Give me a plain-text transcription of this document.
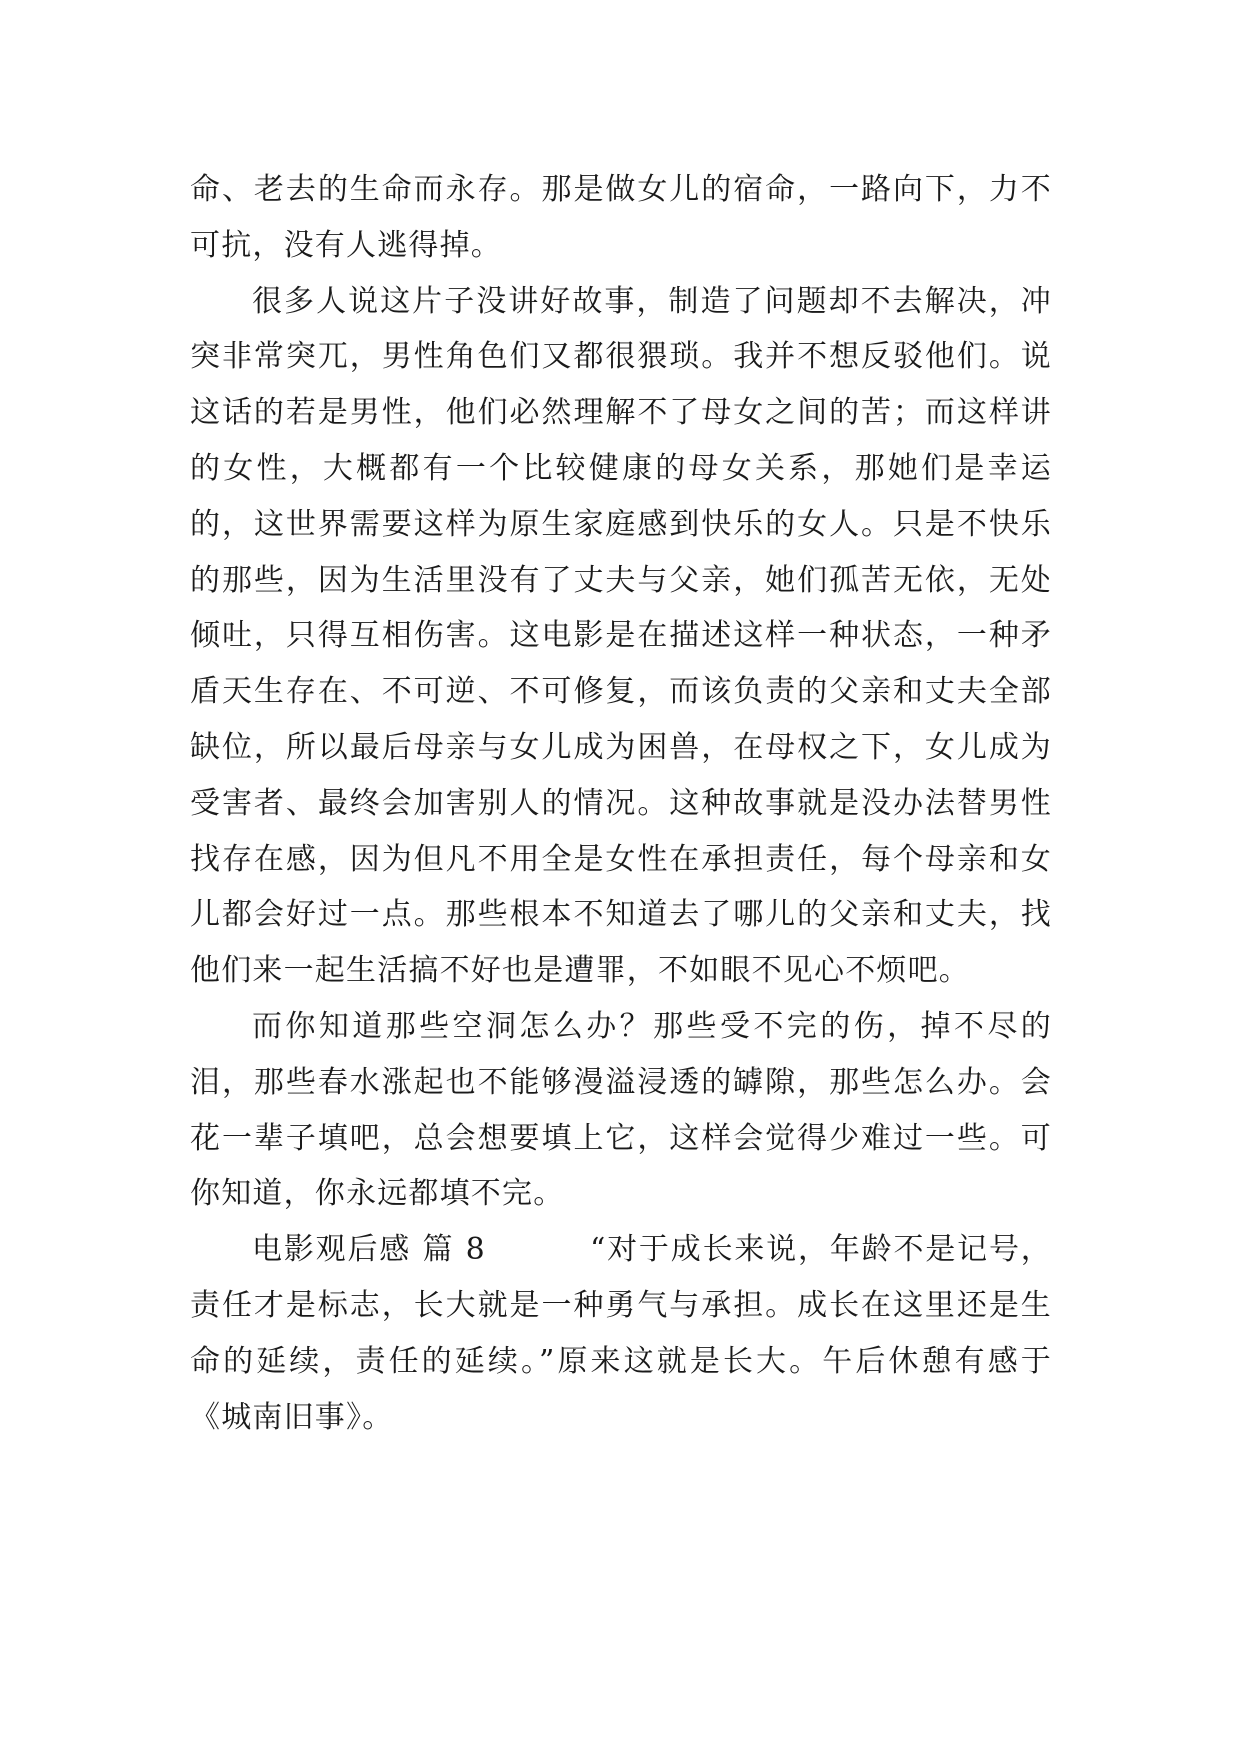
命、老去的生命而永存。那是做女儿的宿命，一路向下，力不可抗，没有人逃得掉。

很多人说这片子没讲好故事，制造了问题却不去解决，冲突非常突兀，男性角色们又都很猥琐。我并不想反驳他们。说这话的若是男性，他们必然理解不了母女之间的苦；而这样讲的女性，大概都有一个比较健康的母女关系，那她们是幸运的，这世界需要这样为原生家庭感到快乐的女人。只是不快乐的那些，因为生活里没有了丈夫与父亲，她们孤苦无依，无处倾吐，只得互相伤害。这电影是在描述这样一种状态，一种矛盾天生存在、不可逆、不可修复，而该负责的父亲和丈夫全部缺位，所以最后母亲与女儿成为困兽，在母权之下，女儿成为受害者、最终会加害别人的情况。这种故事就是没办法替男性找存在感，因为但凡不用全是女性在承担责任，每个母亲和女儿都会好过一点。那些根本不知道去了哪儿的父亲和丈夫，找他们来一起生活搞不好也是遭罪，不如眼不见心不烦吧。

而你知道那些空洞怎么办？那些受不完的伤，掉不尽的泪，那些春水涨起也不能够漫溢浸透的罅隙，那些怎么办。会花一辈子填吧，总会想要填上它，这样会觉得少难过一些。可你知道，你永远都填不完。

电影观后感 篇 8	“对于成长来说，年龄不是记号，责任才是标志，长大就是一种勇气与承担。成长在这里还是生命的延续，责任的延续。”原来这就是长大。午后休憩有感于《城南旧事》。
